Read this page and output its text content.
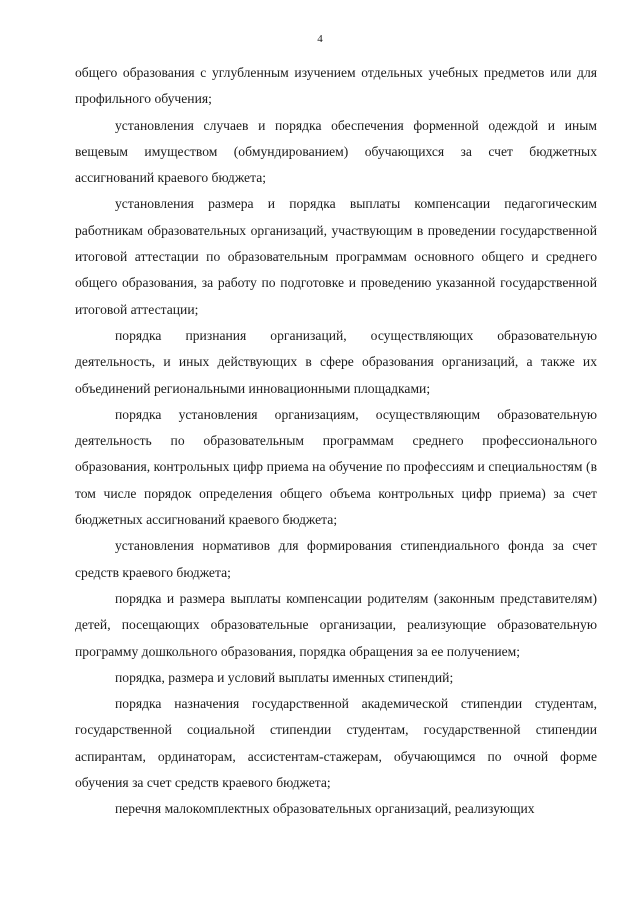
4

общего образования с углубленным изучением отдельных учебных предметов или для профильного обучения;

установления случаев и порядка обеспечения форменной одеждой и иным вещевым имуществом (обмундированием) обучающихся за счет бюджетных ассигнований краевого бюджета;

установления размера и порядка выплаты компенсации педагогическим работникам образовательных организаций, участвующим в проведении государственной итоговой аттестации по образовательным программам основного общего и среднего общего образования, за работу по подготовке и проведению указанной государственной итоговой аттестации;

порядка признания организаций, осуществляющих образовательную деятельность, и иных действующих в сфере образования организаций, а также их объединений региональными инновационными площадками;

порядка установления организациям, осуществляющим образовательную деятельность по образовательным программам среднего профессионального образования, контрольных цифр приема на обучение по профессиям и специальностям (в том числе порядок определения общего объема контрольных цифр приема) за счет бюджетных ассигнований краевого бюджета;

установления нормативов для формирования стипендиального фонда за счет средств краевого бюджета;

порядка и размера выплаты компенсации родителям (законным представителям) детей, посещающих образовательные организации, реализующие образовательную программу дошкольного образования, порядка обращения за ее получением;

порядка, размера и условий выплаты именных стипендий;

порядка назначения государственной академической стипендии студентам, государственной социальной стипендии студентам, государственной стипендии аспирантам, ординаторам, ассистентам-стажерам, обучающимся по очной форме обучения за счет средств краевого бюджета;

перечня малокомплектных образовательных организаций, реализующих
